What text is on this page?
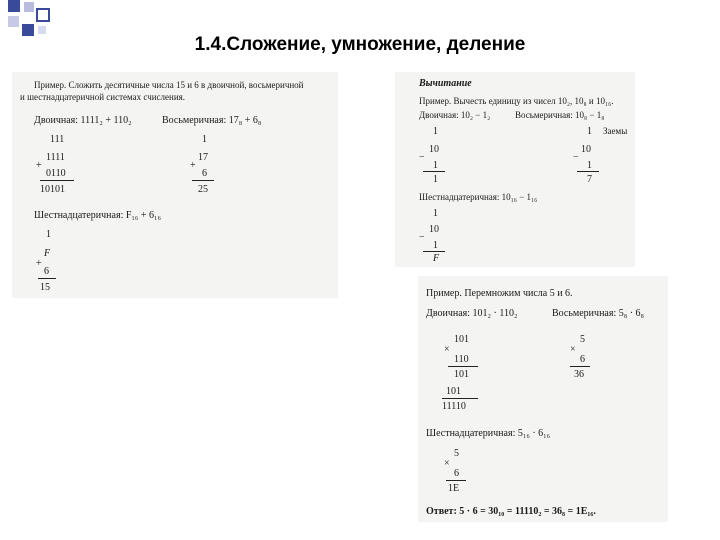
1.4.Сложение, умножение, деление
Пример. Сложить десятичные числа 15 и 6 в двоичной, восьмеричной
и шестнадцатеричной системах счисления.
Двоичная: 1111₂ + 110₂	Восьмеричная: 17₈ + 6₈
111
1111
+
0110
10101
1
17
+
6
25
Шестнадцатеричная: F₁₆ + 6₁₆
1
F
+
6
15
Вычитание
Пример. Вычесть единицу из чисел 10₂, 10₈ и 10₁₆.
Двоичная: 10₂ − 1₂	Восьмеричная: 10₈ − 1₈
1
10
−
1
1
1 Заемы
10
−
1
7
Шестнадцатеричная: 10₁₆ − 1₁₆
1
10
−
1
F
Пример. Перемножим числа 5 и 6.
Двоичная: 101₂ · 110₂	Восьмеричная: 5₈ · 6₈
101
×
110
101
101
11110
5
×
6
36
Шестнадцатеричная: 5₁₆ · 6₁₆
5
×
6
1E
Ответ: 5 · 6 = 30₁₀ = 11110₂ = 36₈ = 1E₁₆.
